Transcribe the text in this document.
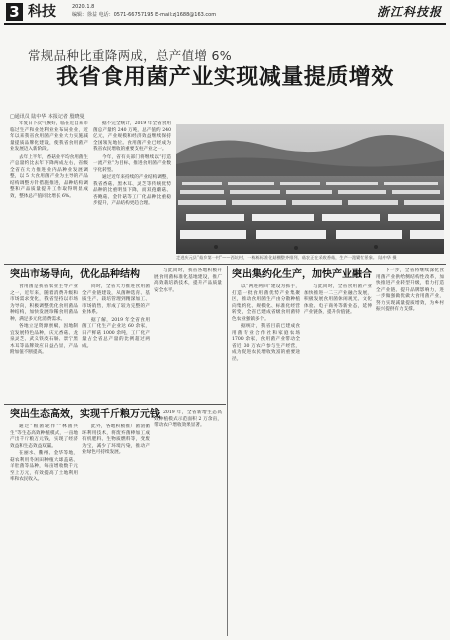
3 科技	2020.1.8
编辑：徐益 电话：0571-66757195 E-mail:zj1688@163.com	浙江科技报
常规品种比重降两成，总产值增 6%
我省食用菌产业实现减量提质增效
□通讯员 陆中华 本报记者 殷晓曼

年复日下次气候好，临在近自来市临过生产和业处利业业布局业业，近年以来我省食用菌产业业大力实施减量提质品牌化建设，使我省食用菌产业发展迈入新阶段。

去年上半年，香菇业平均食用菌生产总量约比去年下降两成左右，省级全省在大力推进业内品种业发展调整，以 5 大食用菌产业为主导的产品结构调整方针措施推进，品种结构调整和产品质量提升工作取得明显成效，整体总产值同比增长 6%。

据不完全统计，2019 年全省食用菌总产量约 240 万吨，总产值约 240 亿元，产业规模和经济效益继续保持全国领先地位。食用菌产业已经成为我省农民增收的重要支柱产业之一。

今年，省有关部门将继续以“打造一流产业”为目标，推进食用菌产业数字化转型。

通过近年来持续的产业结构调整，我省香菇、黑木耳、灵芝等传统优势品种的比重明显下降，而双孢蘑菇、杏鲍菇、金针菇等工厂化品种比重稳步提升，产品结构更趋合理。

走进庆元县“菇乡第一村”——西坑村，一栋栋标准化菇棚整齐排列，菇农正在采收香菇，生产一派繁忙景象。 陆中华 摄
突出市场导向，优化品种结构

食用菌是我省农业主导产业之一，近年来，随着消费升级和市场需求变化，我省坚持以市场为导向，积极调整优化食用菌品种结构，加快发展珍稀食用菌品种，满足多元化消费需求。

各地立足资源禀赋，因地制宜发展特色品种，庆元香菇、龙泉灵芝、武义铁皮石斛、景宁黑木耳等品牌效应日益凸显，产品附加值不断提高。

同时，全省大力推进食用菌全产业链建设，从菌种选育、基质生产、栽培管理到精深加工、市场销售，形成了较为完整的产业体系。

据了解，2019 年全省食用菌工厂化生产企业达 60 余家，日产鲜菇 1000 余吨，工厂化产量占全省总产量的比例超过两成。

与此同时，我省各地积极开展食用菌标准化基地建设，推广高效栽培新技术，提升产品质量安全水平。

突出生态高效，实现千斤粮万元钱

通过“粮菌轮作”“林菌共生”等生态高效种植模式，一亩地产出千斤粮万元钱，实现了经济效益和生态效益双赢。

在丽水、衢州、金华等地，菇农利用冬闲田种植大球盖菇、羊肚菌等品种，每亩增收数千元至上万元，有效提高了土地利用率和农民收入。

此外，各地积极推广菌渣循环利用技术，将废弃菌棒加工成有机肥料、生物质燃料等，变废为宝，减少了环境污染，推动产业绿色可持续发展。

2019 年，全省新增生态高效种植模式示范面积 2 万余亩，带动农户增收效果显著。

突出集约化生产，加快产业融合

以“两进两回”建设为抓手，打造一批食用菌优势产业集聚区，推动食用菌生产由分散种植向集约化、规模化、标准化经营转变，全省已建成省级食用菌特色农业强镇多个。

据统计，我省目前已建成食用菌专业合作社和家庭农场 1700 余家，食用菌产业带动全省近 30 万农户参与生产经营，成为促进农民增收致富的重要途径。

与此同时，全省食用菌产业加快推进一二三产业融合发展，积极发展食用菌休闲观光、文化体验、电子商务等新业态，延伸产业链条，提升价值链。

下一步，全省将继续深化食用菌产业供给侧结构性改革，加快推进产业转型升级，着力打造全产业链、提升品牌影响力，进一步做强做优做大食用菌产业，努力实现减量提质增效，为乡村振兴提供有力支撑。
